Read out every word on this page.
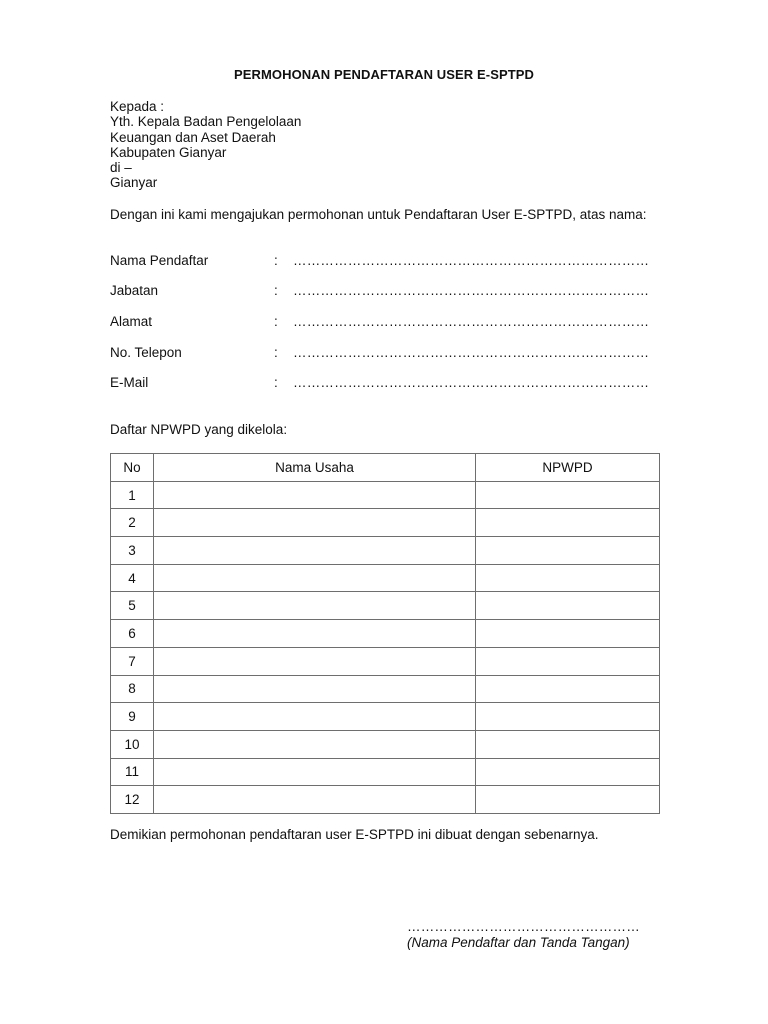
PERMOHONAN PENDAFTARAN USER E-SPTPD
Kepada :
Yth. Kepala Badan Pengelolaan
Keuangan dan Aset Daerah
Kabupaten Gianyar
di –
Gianyar
Dengan ini kami mengajukan permohonan untuk Pendaftaran User E-SPTPD, atas nama:
Nama Pendaftar	: ……………………………………………………………………
Jabatan	: ……………………………………………………………………
Alamat	: ……………………………………………………………………
No. Telepon	: ……………………………………………………………………
E-Mail	: ……………………………………………………………………
Daftar NPWPD yang dikelola:
No	Nama Usaha	NPWPD
1		
2		
3		
4		
5		
6		
7		
8		
9		
10		
11		
12		
Demikian permohonan pendaftaran user E-SPTPD ini dibuat dengan sebenarnya.
……………………………………………
(Nama Pendaftar dan Tanda Tangan)
